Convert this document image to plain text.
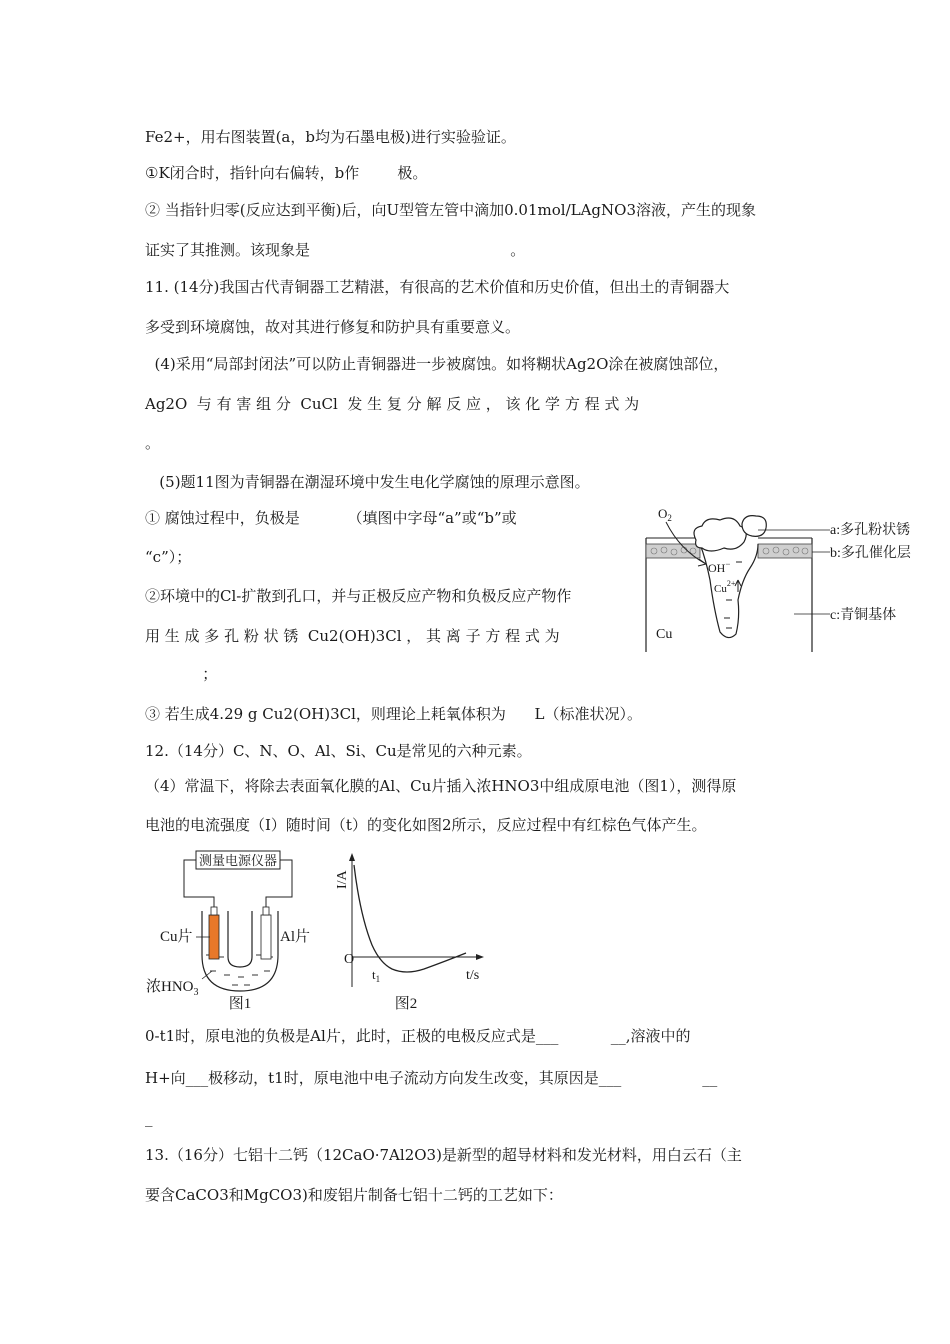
Fe2+，用右图装置(a，b均为石墨电极)进行实验验证。
①K闭合时，指针向右偏转，b作        极。
② 当指针归零(反应达到平衡)后，向U型管左管中滴加0.01mol/LAgNO3溶液，产生的现象
证实了其推测。该现象是                                          。
11. (14分)我国古代青铜器工艺精湛，有很高的艺术价值和历史价值，但出土的青铜器大
多受到环境腐蚀，故对其进行修复和防护具有重要意义。
(4)采用“局部封闭法”可以防止青铜器进一步被腐蚀。如将糊状Ag2O涂在被腐蚀部位，
Ag2O  与 有 害 组 分  CuCl  发 生 复 分 解 反 应 ， 该 化 学 方 程 式 为
。
(5)题11图为青铜器在潮湿环境中发生电化学腐蚀的原理示意图。
① 腐蚀过程中，负极是          （填图中字母“a”或“b”或
“c”）；
②环境中的Cl-扩散到孔口，并与正极反应产物和负极反应产物作
用 生 成 多 孔 粉 状 锈  Cu2(OH)3Cl ， 其 离 子 方 程 式 为
；
③ 若生成4.29 g Cu2(OH)3Cl，则理论上耗氧体积为      L（标准状况）。
12.（14分）C、N、O、Al、Si、Cu是常见的六种元素。
（4）常温下，将除去表面氧化膜的Al、Cu片插入浓HNO3中组成原电池（图1），测得原
电池的电流强度（I）随时间（t）的变化如图2所示，反应过程中有红棕色气体产生。
0-t1时，原电池的负极是Al片，此时，正极的电极反应式是___           __,溶液中的
H+向___极移动，t1时，原电池中电子流动方向发生改变，其原因是___                 __
_
13.（16分）七铝十二钙（12CaO·7Al2O3)是新型的超导材料和发光材料，用白云石（主
要含CaCO3和MgCO3)和废铝片制备七铝十二钙的工艺如下：
$O_2$
OH−
$Cu^{2+}$
Cu
a:多孔粉状锈
b:多孔催化层
c:青铜基体
测量电源仪器
Cu片	Al片
浓$HNO_3$
图1
I/A
O
$t_1$	t/s
图2
